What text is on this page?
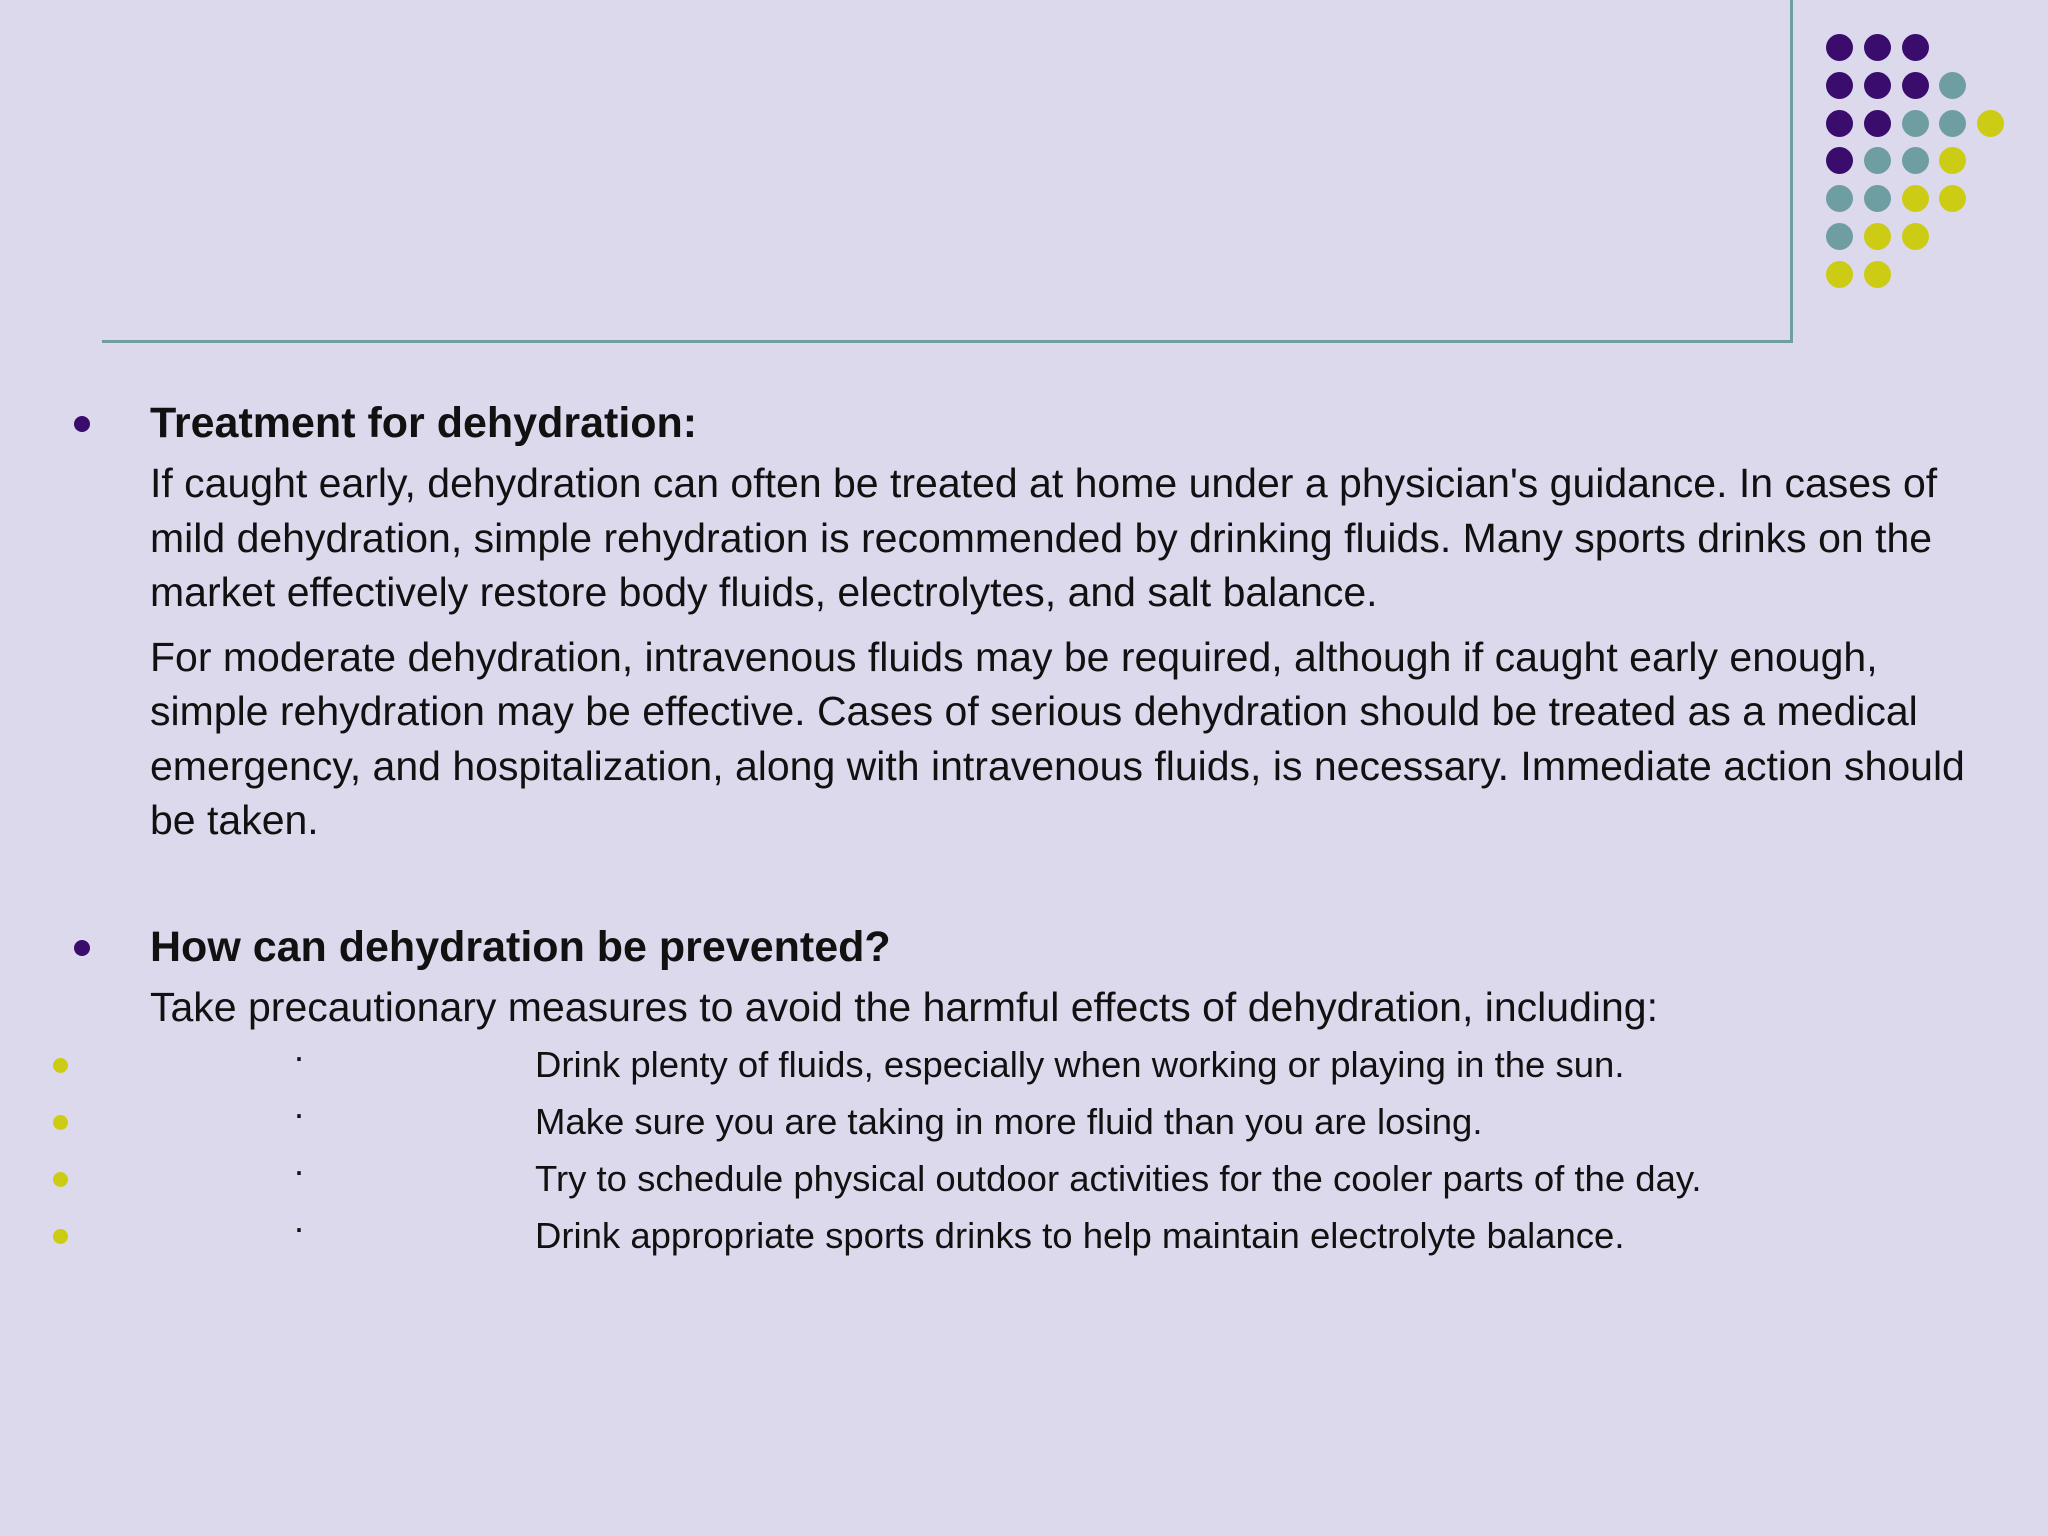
Treatment for dehydration:

If caught early, dehydration can often be treated at home under a physician's guidance. In cases of mild dehydration, simple rehydration is recommended by drinking fluids. Many sports drinks on the market effectively restore body fluids, electrolytes, and salt balance.

For moderate dehydration, intravenous fluids may be required, although if caught early enough, simple rehydration may be effective. Cases of serious dehydration should be treated as a medical emergency, and hospitalization, along with intravenous fluids, is necessary. Immediate action should be taken.

How can dehydration be prevented?

Take precautionary measures to avoid the harmful effects of dehydration, including:

·	Drink plenty of fluids, especially when working or playing in the sun.
·	Make sure you are taking in more fluid than you are losing.
·	Try to schedule physical outdoor activities for the cooler parts of the day.
·	Drink appropriate sports drinks to help maintain electrolyte balance.
